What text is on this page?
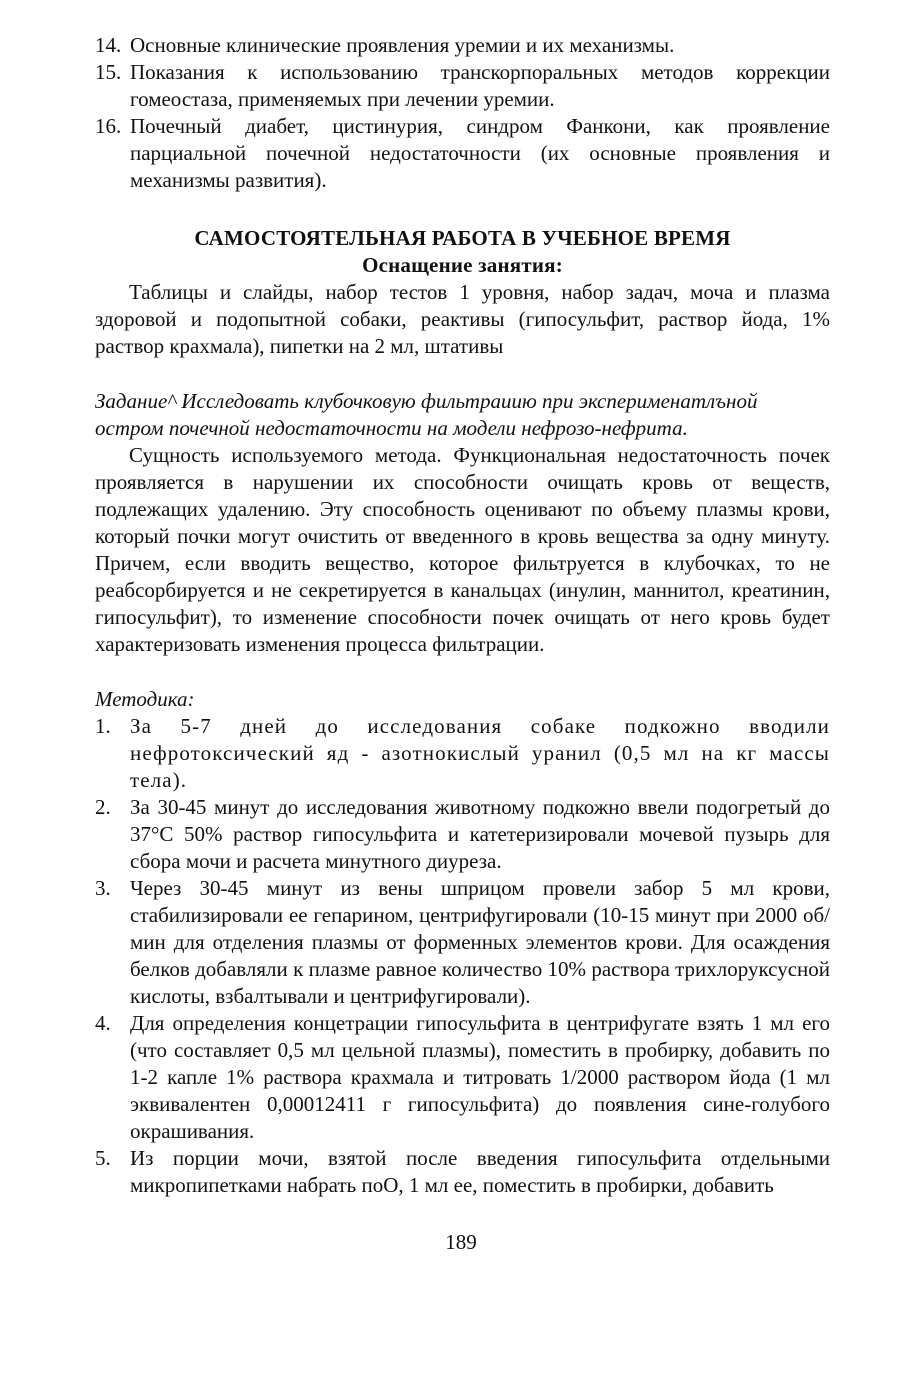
14. Основные клинические проявления уремии и их механизмы.
15. Показания к использованию транскорпоральных методов коррекции гомеостаза, применяемых при лечении уремии.
16. Почечный диабет, цистинурия, синдром Фанкони, как проявление парциальной почечной недостаточности (их основные проявления и механизмы развития).

САМОСТОЯТЕЛЬНАЯ РАБОТА В УЧЕБНОЕ ВРЕМЯ

Оснащение занятия:

Таблицы и слайды, набор тестов 1 уровня, набор задач, моча и плазма здоровой и подопытной собаки, реактивы (гипосульфит, раствор йода, 1% раствор крахмала), пипетки на 2 мл, штативы

Задание^ Исследовать клубочковую фильтраиию при эксперименатлъной остром почечной недостаточности на модели нефрозо-нефрита.

Сущность используемого метода. Функциональная недостаточность почек проявляется в нарушении их способности очищать кровь от веществ, подлежащих удалению. Эту способность оценивают по объему плазмы крови, который почки могут очистить от введенного в кровь вещества за одну минуту. Причем, если вводить вещество, которое фильтруется в клубочках, то не реабсорбируется и не секретируется в канальцах (инулин, маннитол, креатинин, гипосульфит), то изменение способности почек очищать от него кровь будет характеризовать изменения процесса фильтрации.

Методика:

1. За 5-7 дней до исследования собаке подкожно вводили нефротоксический яд - азотнокислый уранил (0,5 мл на кг массы тела).
2. За 30-45 минут до исследования животному подкожно ввели подогретый до 37°С 50% раствор гипосульфита и катетеризировали мочевой пузырь для сбора мочи и расчета минутного диуреза.
3. Через 30-45 минут из вены шприцом провели забор 5 мл крови, стабилизировали ее гепарином, центрифугировали (10-15 минут при 2000 об/мин для отделения плазмы от форменных элементов крови. Для осаждения белков добавляли к плазме равное количество 10% раствора трихлоруксусной кислоты, взбалтывали и центрифугировали).
4. Для определения концетрации гипосульфита в центрифугате взять 1 мл его (что составляет 0,5 мл цельной плазмы), поместить в пробирку, добавить по 1-2 капле 1% раствора крахмала и титровать 1/2000 раствором йода (1 мл эквивалентен 0,00012411 г гипосульфита) до появления сине-голубого окрашивания.
5. Из порции мочи, взятой после введения гипосульфита отдельными микропипетками набрать поО, 1 мл ее, поместить в пробирки, добавить
189
